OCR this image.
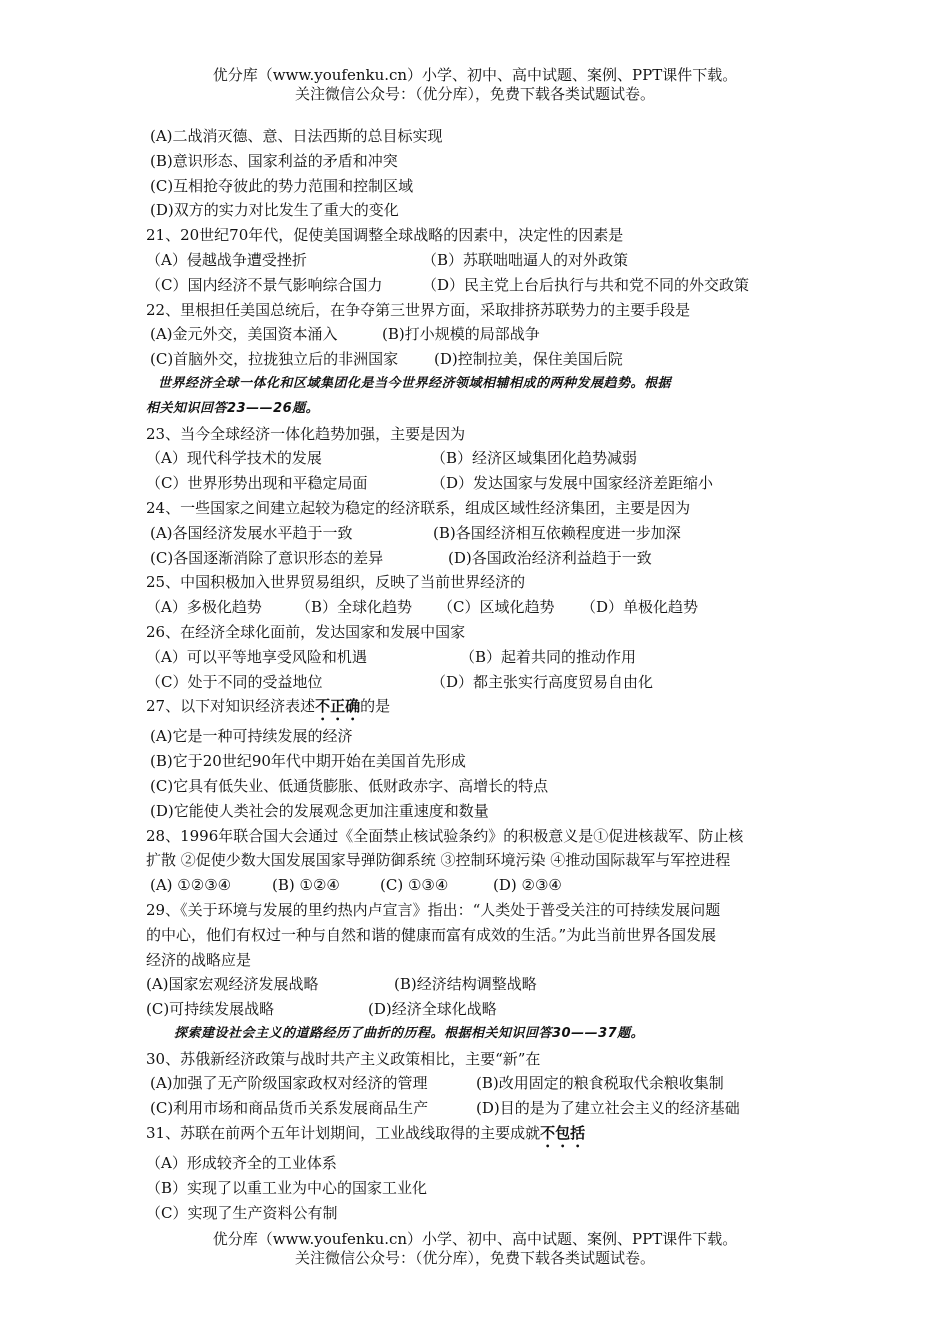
优分库（www.youfenku.cn）小学、初中、高中试题、案例、PPT课件下载。
关注微信公众号：（优分库），免费下载各类试题试卷。
(A)二战消灭德、意、日法西斯的总目标实现
(B)意识形态、国家利益的矛盾和冲突
(C)互相抢夺彼此的势力范围和控制区域
(D)双方的实力对比发生了重大的变化
21、20世纪70年代，促使美国调整全球战略的因素中，决定性的因素是
（A）侵越战争遭受挫折	（B）苏联咄咄逼人的对外政策
（C）国内经济不景气影响综合国力	（D）民主党上台后执行与共和党不同的外交政策
22、里根担任美国总统后，在争夺第三世界方面，采取排挤苏联势力的主要手段是
(A)金元外交，美国资本涌入	(B)打小规模的局部战争
(C)首脑外交，拉拢独立后的非洲国家 (D)控制拉美，保住美国后院
世界经济全球一体化和区域集团化是当今世界经济领域相辅相成的两种发展趋势。根据
相关知识回答23——26题。
23、当今全球经济一体化趋势加强，主要是因为
（A）现代科学技术的发展	（B）经济区域集团化趋势减弱
（C）世界形势出现和平稳定局面	（D）发达国家与发展中国家经济差距缩小
24、一些国家之间建立起较为稳定的经济联系，组成区域性经济集团，主要是因为
(A)各国经济发展水平趋于一致	(B)各国经济相互依赖程度进一步加深
(C)各国逐渐消除了意识形态的差异	(D)各国政治经济利益趋于一致
25、中国积极加入世界贸易组织，反映了当前世界经济的
（A）多极化趋势 （B）全球化趋势 （C）区域化趋势 （D）单极化趋势
26、在经济全球化面前，发达国家和发展中国家
（A）可以平等地享受风险和机遇	（B）起着共同的推动作用
（C）处于不同的受益地位	（D）都主张实行高度贸易自由化
27、以下对知识经济表述不正确的是
(A)它是一种可持续发展的经济
(B)它于20世纪90年代中期开始在美国首先形成
(C)它具有低失业、低通货膨胀、低财政赤字、高增长的特点
(D)它能使人类社会的发展观念更加注重速度和数量
28、1996年联合国大会通过《全面禁止核试验条约》的积极意义是①促进核裁军、防止核
扩散 ②促使少数大国发展国家导弹防御系统 ③控制环境污染 ④推动国际裁军与军控进程
(A) ①②③④	(B) ①②④	(C) ①③④	(D) ②③④
29、《关于环境与发展的里约热内卢宣言》指出：“人类处于普受关注的可持续发展问题
的中心，他们有权过一种与自然和谐的健康而富有成效的生活。”为此当前世界各国发展
经济的战略应是
(A)国家宏观经济发展战略	(B)经济结构调整战略
(C)可持续发展战略	(D)经济全球化战略
探索建设社会主义的道路经历了曲折的历程。根据相关知识回答30——37题。
30、苏俄新经济政策与战时共产主义政策相比，主要“新”在
(A)加强了无产阶级国家政权对经济的管理	(B)改用固定的粮食税取代余粮收集制
(C)利用市场和商品货币关系发展商品生产	(D)目的是为了建立社会主义的经济基础
31、苏联在前两个五年计划期间，工业战线取得的主要成就不包括
（A）形成较齐全的工业体系
（B）实现了以重工业为中心的国家工业化
（C）实现了生产资料公有制
优分库（www.youfenku.cn）小学、初中、高中试题、案例、PPT课件下载。
关注微信公众号：（优分库），免费下载各类试题试卷。
